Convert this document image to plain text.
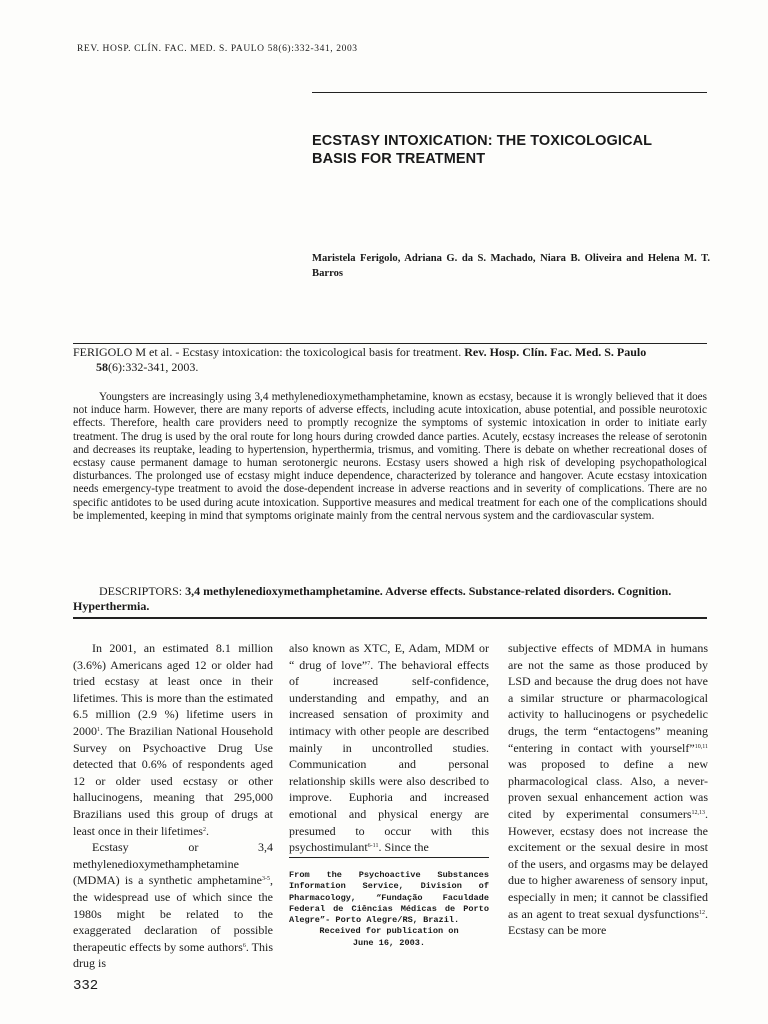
REV. HOSP. CLÍN. FAC. MED. S. PAULO 58(6):332-341, 2003
ECSTASY INTOXICATION: THE TOXICOLOGICAL
BASIS FOR TREATMENT
Maristela Ferigolo, Adriana G. da S. Machado, Niara B. Oliveira and Helena M. T. Barros
FERIGOLO M et al. - Ecstasy intoxication: the toxicological basis for treatment. Rev. Hosp. Clín. Fac. Med. S. Paulo
58(6):332-341, 2003.

Youngsters are increasingly using 3,4 methylenedioxymethamphetamine, known as ecstasy, because it is wrongly believed that it does not induce harm. However, there are many reports of adverse effects, including acute intoxication, abuse potential, and possible neurotoxic effects. Therefore, health care providers need to promptly recognize the symptoms of systemic intoxication in order to initiate early treatment. The drug is used by the oral route for long hours during crowded dance parties. Acutely, ecstasy increases the release of serotonin and decreases its reuptake, leading to hypertension, hyperthermia, trismus, and vomiting. There is debate on whether recreational doses of ecstasy cause permanent damage to human serotonergic neurons. Ecstasy users showed a high risk of developing psychopathological disturbances. The prolonged use of ecstasy might induce dependence, characterized by tolerance and hangover. Acute ecstasy intoxication needs emergency-type treatment to avoid the dose-dependent increase in adverse reactions and in severity of complications. There are no specific antidotes to be used during acute intoxication. Supportive measures and medical treatment for each one of the complications should be implemented, keeping in mind that symptoms originate mainly from the central nervous system and the cardiovascular system.

DESCRIPTORS: 3,4 methylenedioxymethamphetamine. Adverse effects. Substance-related disorders. Cognition. Hyperthermia.

In 2001, an estimated 8.1 million (3.6%) Americans aged 12 or older had tried ecstasy at least once in their lifetimes. This is more than the estimated 6.5 million (2.9 %) lifetime users in 2000$^1$. The Brazilian National Household Survey on Psychoactive Drug Use detected that 0.6% of respondents aged 12 or older used ecstasy or other hallucinogens, meaning that 295,000 Brazilians used this group of drugs at least once in their lifetimes$^2$.

Ecstasy or 3,4 methylenedioxymethamphetamine (MDMA) is a synthetic amphetamine$^{3-5}$, the widespread use of which since the 1980s might be related to the exaggerated declaration of possible therapeutic effects by some authors$^6$. This drug is

also known as XTC, E, Adam, MDM or “ drug of love”$^7$. The behavioral effects of increased self-confidence, understanding and empathy, and an increased sensation of proximity and intimacy with other people are described mainly in uncontrolled studies. Communication and personal relationship skills were also described to improve. Euphoria and increased emotional and physical energy are presumed to occur with this psychostimulant$^{6-11}$. Since the

From the Psychoactive Substances Information Service, Division of Pharmacology, “Fundação Faculdade Federal de Ciências Médicas de Porto Alegre”- Porto Alegre/RS, Brazil.
Received for publication on
June 16, 2003.

subjective effects of MDMA in humans are not the same as those produced by LSD and because the drug does not have a similar structure or pharmacological activity to hallucinogens or psychedelic drugs, the term “entactogens” meaning “entering in contact with yourself”$^{10,11}$ was proposed to define a new pharmacological class. Also, a never-proven sexual enhancement action was cited by experimental consumers$^{12,13}$. However, ecstasy does not increase the excitement or the sexual desire in most of the users, and orgasms may be delayed due to higher awareness of sensory input, especially in men; it cannot be classified as an agent to treat sexual dysfunctions$^{12}$. Ecstasy can be more

332
